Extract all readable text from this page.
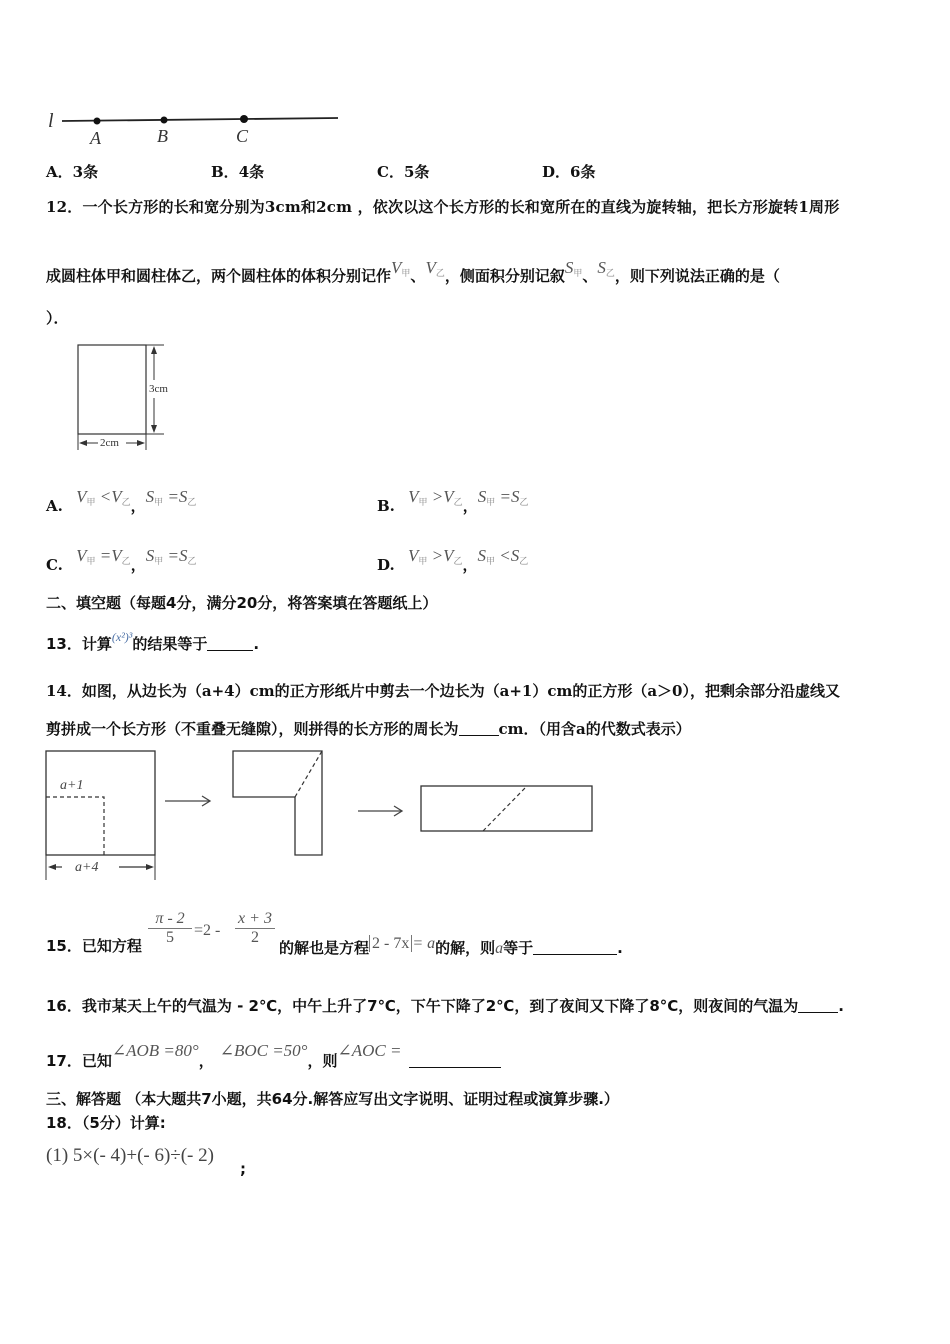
l
A	B	C
A．3条	B．4条	C．5条	D．6条
12．一个长方形的长和宽分别为3cm和2cm ，依次以这个长方形的长和宽所在的直线为旋转轴，把长方形旋转1周形
成圆柱体甲和圆柱体乙，两个圆柱体的体积分别记作$V_甲$、$V_乙$，侧面积分别记叙$S_甲$、$S_乙$，则下列说法正确的是（
）．
3cm
2cm
A. $V_甲 <V_乙$，$S_甲 =S_乙$	B. $V_甲 >V_乙$，$S_甲 =S_乙$
C. $V_甲 =V_乙$，$S_甲 =S_乙$	D. $V_甲 >V_乙$，$S_甲 <S_乙$
二、填空题（每题4分，满分20分，将答案填在答题纸上）
13．计算$^{(x^2)^3}$的结果等于	.
14．如图，从边长为（a+4）cm的正方形纸片中剪去一个边长为（a+1）cm的正方形（a＞0），把剩余部分沿虚线又
剪拼成一个长方形（不重叠无缝隙），则拼得的长方形的周长为	cm．（用含a的代数式表示）
a+1
a+4
15．已知方程
π - 2
5	=2 -
x + 3
2
的解也是方程 2 - 7x = a的解，则a等于	.
16．我市某天上午的气温为 - 2℃，中午上升了7℃，下午下降了2℃，到了夜间又下降了8°C，则夜间的气温为	.
17．已知∠AOB =80°，∠BOC =50°，则∠AOC =
三、解答题 （本大题共7小题，共64分.解答应写出文字说明、证明过程或演算步骤.）
18．（5分）计算:
(1) 5×(- 4)+(- 6)÷(- 2)
;
